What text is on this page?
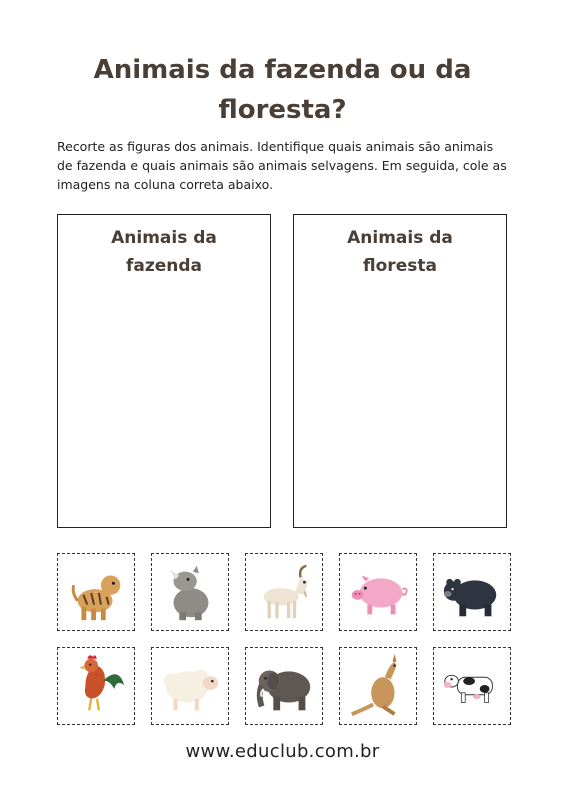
Animais da fazenda ou da
floresta?
Recorte as figuras dos animais. Identifique quais animais são animais de fazenda e quais animais são animais selvagens. Em seguida, cole as imagens na coluna correta abaixo.
Animais da fazenda
Animais da floresta
www.educlub.com.br
